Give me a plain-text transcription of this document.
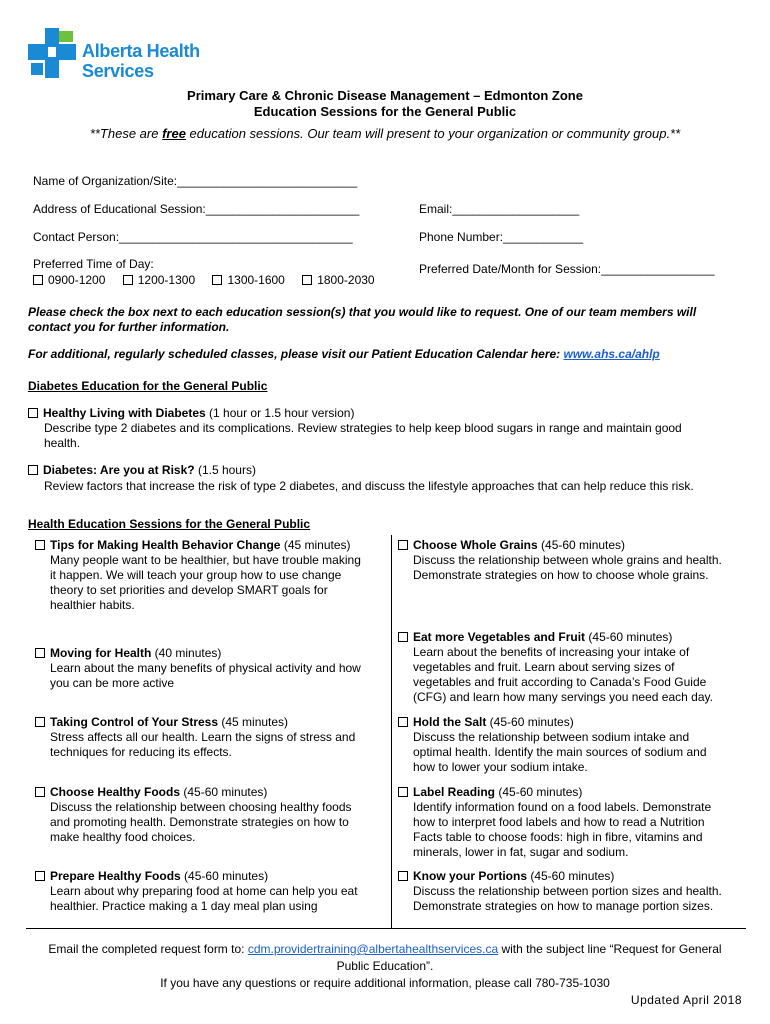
Alberta Health
Services
Primary Care & Chronic Disease Management – Edmonton Zone
Education Sessions for the General Public
**These are free education sessions. Our team will present to your organization or community group.**
Name of Organization/Site:___________________________
Address of Educational Session:_______________________	Email:___________________
Contact Person:___________________________________	Phone Number:____________
Preferred Time of Day:
0900-1200	1200-1300	1300-1600	1800-2030
Preferred Date/Month for Session:_________________
Please check the box next to each education session(s) that you would like to request. One of our team members will
contact you for further information.
For additional, regularly scheduled classes, please visit our Patient Education Calendar here: www.ahs.ca/ahlp
Diabetes Education for the General Public
Healthy Living with Diabetes (1 hour or 1.5 hour version)
Describe type 2 diabetes and its complications. Review strategies to help keep blood sugars in range and maintain good
health.
Diabetes: Are you at Risk? (1.5 hours)
Review factors that increase the risk of type 2 diabetes, and discuss the lifestyle approaches that can help reduce this risk.
Health Education Sessions for the General Public
Tips for Making Health Behavior Change (45 minutes)
Many people want to be healthier, but have trouble making
it happen. We will teach your group how to use change
theory to set priorities and develop SMART goals for
healthier habits.
Moving for Health (40 minutes)
Learn about the many benefits of physical activity and how
you can be more active
Taking Control of Your Stress (45 minutes)
Stress affects all our health. Learn the signs of stress and
techniques for reducing its effects.
Choose Healthy Foods (45-60 minutes)
Discuss the relationship between choosing healthy foods
and promoting health. Demonstrate strategies on how to
make healthy food choices.
Prepare Healthy Foods (45-60 minutes)
Learn about why preparing food at home can help you eat
healthier. Practice making a 1 day meal plan using
Choose Whole Grains (45-60 minutes)
Discuss the relationship between whole grains and health.
Demonstrate strategies on how to choose whole grains.
Eat more Vegetables and Fruit (45-60 minutes)
Learn about the benefits of increasing your intake of
vegetables and fruit. Learn about serving sizes of
vegetables and fruit according to Canada’s Food Guide
(CFG) and learn how many servings you need each day.
Hold the Salt (45-60 minutes)
Discuss the relationship between sodium intake and
optimal health. Identify the main sources of sodium and
how to lower your sodium intake.
Label Reading (45-60 minutes)
Identify information found on a food labels. Demonstrate
how to interpret food labels and how to read a Nutrition
Facts table to choose foods: high in fibre, vitamins and
minerals, lower in fat, sugar and sodium.
Know your Portions (45-60 minutes)
Discuss the relationship between portion sizes and health.
Demonstrate strategies on how to manage portion sizes.
Email the completed request form to: cdm.providertraining@albertahealthservices.ca with the subject line “Request for General
Public Education”.
If you have any questions or require additional information, please call 780-735-1030
Updated April 2018
